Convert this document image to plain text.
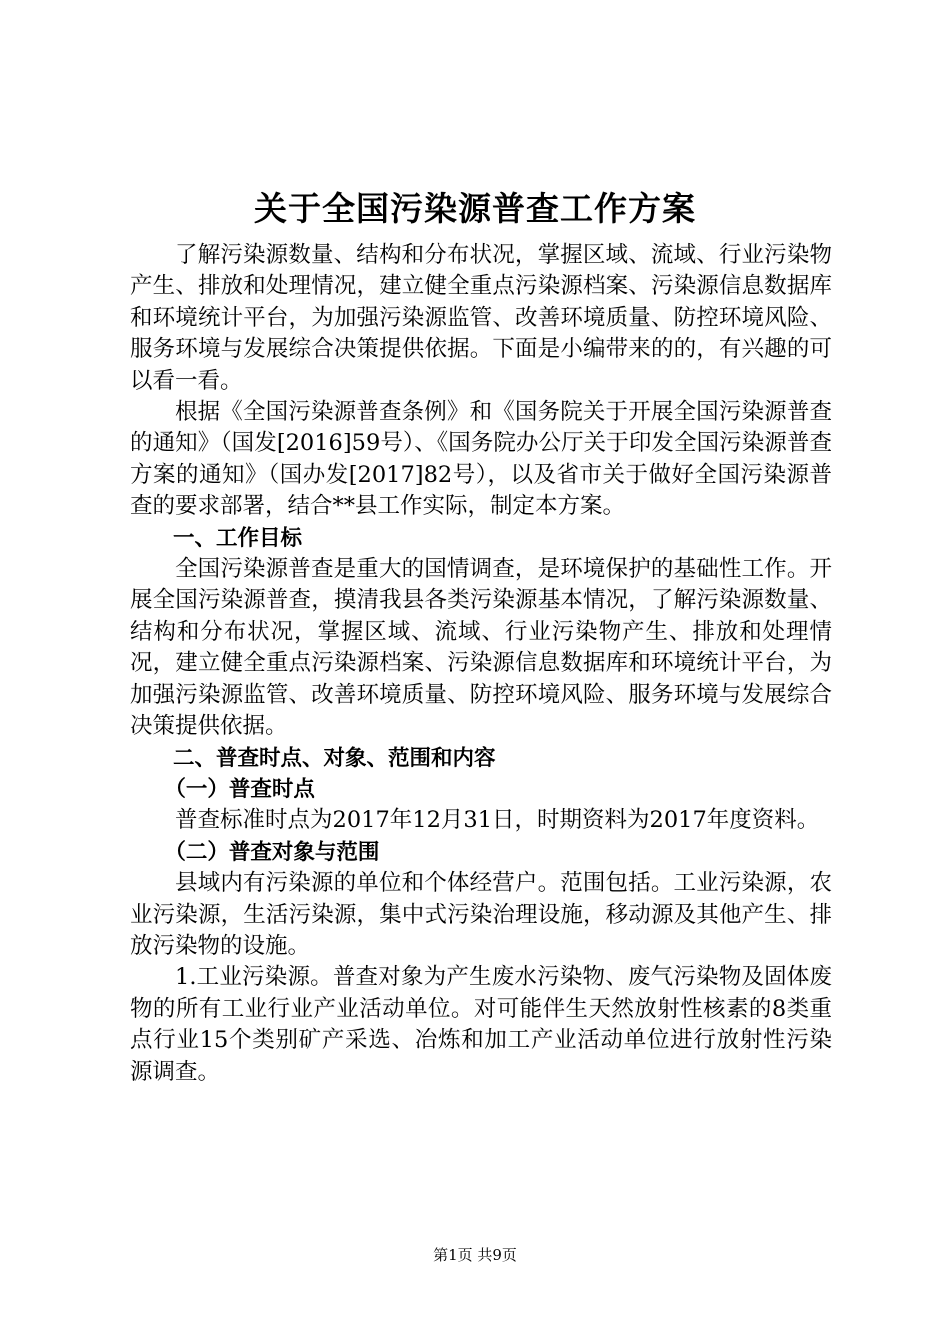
关于全国污染源普查工作方案

了解污染源数量、结构和分布状况，掌握区域、流域、行业污染物产生、排放和处理情况，建立健全重点污染源档案、污染源信息数据库和环境统计平台，为加强污染源监管、改善环境质量、防控环境风险、服务环境与发展综合决策提供依据。下面是小编带来的的，有兴趣的可以看一看。

根据《全国污染源普查条例》和《国务院关于开展全国污染源普查的通知》（国发[2016]59号）、《国务院办公厅关于印发全国污染源普查方案的通知》（国办发[2017]82号），以及省市关于做好全国污染源普查的要求部署，结合**县工作实际，制定本方案。

一、工作目标

全国污染源普查是重大的国情调查，是环境保护的基础性工作。开展全国污染源普查，摸清我县各类污染源基本情况，了解污染源数量、结构和分布状况，掌握区域、流域、行业污染物产生、排放和处理情况，建立健全重点污染源档案、污染源信息数据库和环境统计平台，为加强污染源监管、改善环境质量、防控环境风险、服务环境与发展综合决策提供依据。

二、普查时点、对象、范围和内容

（一）普查时点

普查标准时点为2017年12月31日，时期资料为2017年度资料。

（二）普查对象与范围

县域内有污染源的单位和个体经营户。范围包括。工业污染源，农业污染源，生活污染源，集中式污染治理设施，移动源及其他产生、排放污染物的设施。

1.工业污染源。普查对象为产生废水污染物、废气污染物及固体废物的所有工业行业产业活动单位。对可能伴生天然放射性核素的8类重点行业15个类别矿产采选、冶炼和加工产业活动单位进行放射性污染源调查。

第1页 共9页
